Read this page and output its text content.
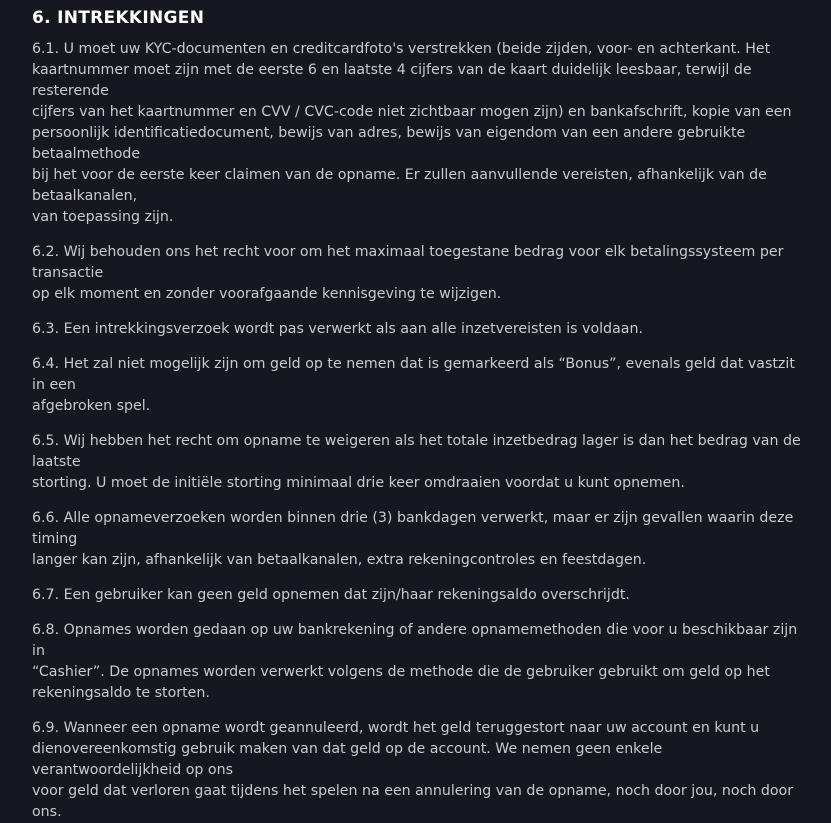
6. INTREKKINGEN

6.1. U moet uw KYC-documenten en creditcardfoto's verstrekken (beide zijden, voor- en achterkant. Het
kaartnummer moet zijn met de eerste 6 en laatste 4 cijfers van de kaart duidelijk leesbaar, terwijl de resterende
cijfers van het kaartnummer en CVV / CVC-code niet zichtbaar mogen zijn) en bankafschrift, kopie van een
persoonlijk identificatiedocument, bewijs van adres, bewijs van eigendom van een andere gebruikte betaalmethode
bij het voor de eerste keer claimen van de opname. Er zullen aanvullende vereisten, afhankelijk van de betaalkanalen,
van toepassing zijn.

6.2. Wij behouden ons het recht voor om het maximaal toegestane bedrag voor elk betalingssysteem per transactie
op elk moment en zonder voorafgaande kennisgeving te wijzigen.

6.3. Een intrekkingsverzoek wordt pas verwerkt als aan alle inzetvereisten is voldaan.

6.4. Het zal niet mogelijk zijn om geld op te nemen dat is gemarkeerd als “Bonus”, evenals geld dat vastzit in een
afgebroken spel.

6.5. Wij hebben het recht om opname te weigeren als het totale inzetbedrag lager is dan het bedrag van de laatste
storting. U moet de initiële storting minimaal drie keer omdraaien voordat u kunt opnemen.

6.6. Alle opnameverzoeken worden binnen drie (3) bankdagen verwerkt, maar er zijn gevallen waarin deze timing
langer kan zijn, afhankelijk van betaalkanalen, extra rekeningcontroles en feestdagen.

6.7. Een gebruiker kan geen geld opnemen dat zijn/haar rekeningsaldo overschrijdt.

6.8. Opnames worden gedaan op uw bankrekening of andere opnamemethoden die voor u beschikbaar zijn in
“Cashier”. De opnames worden verwerkt volgens de methode die de gebruiker gebruikt om geld op het
rekeningsaldo te storten.

6.9. Wanneer een opname wordt geannuleerd, wordt het geld teruggestort naar uw account en kunt u
dienovereenkomstig gebruik maken van dat geld op de account. We nemen geen enkele verantwoordelijkheid op ons
voor geld dat verloren gaat tijdens het spelen na een annulering van de opname, noch door jou, noch door ons.
